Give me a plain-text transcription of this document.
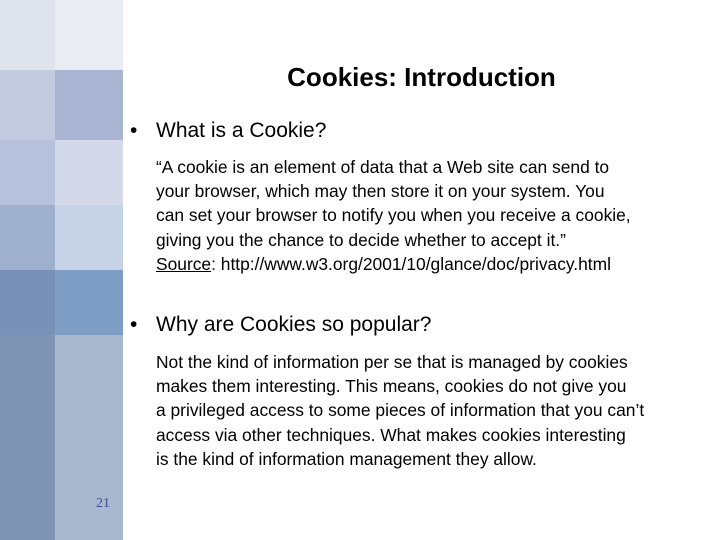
Cookies: Introduction
• What is a Cookie?
“A cookie is an element of data that a Web site can send to
your browser, which may then store it on your system. You
can set your browser to notify you when you receive a cookie,
giving you the chance to decide whether to accept it.”
Source: http://www.w3.org/2001/10/glance/doc/privacy.html
• Why are Cookies so popular?
Not the kind of information per se that is managed by cookies
makes them interesting. This means, cookies do not give you
a privileged access to some pieces of information that you can’t
access via other techniques. What makes cookies interesting
is the kind of information management they allow.
21
